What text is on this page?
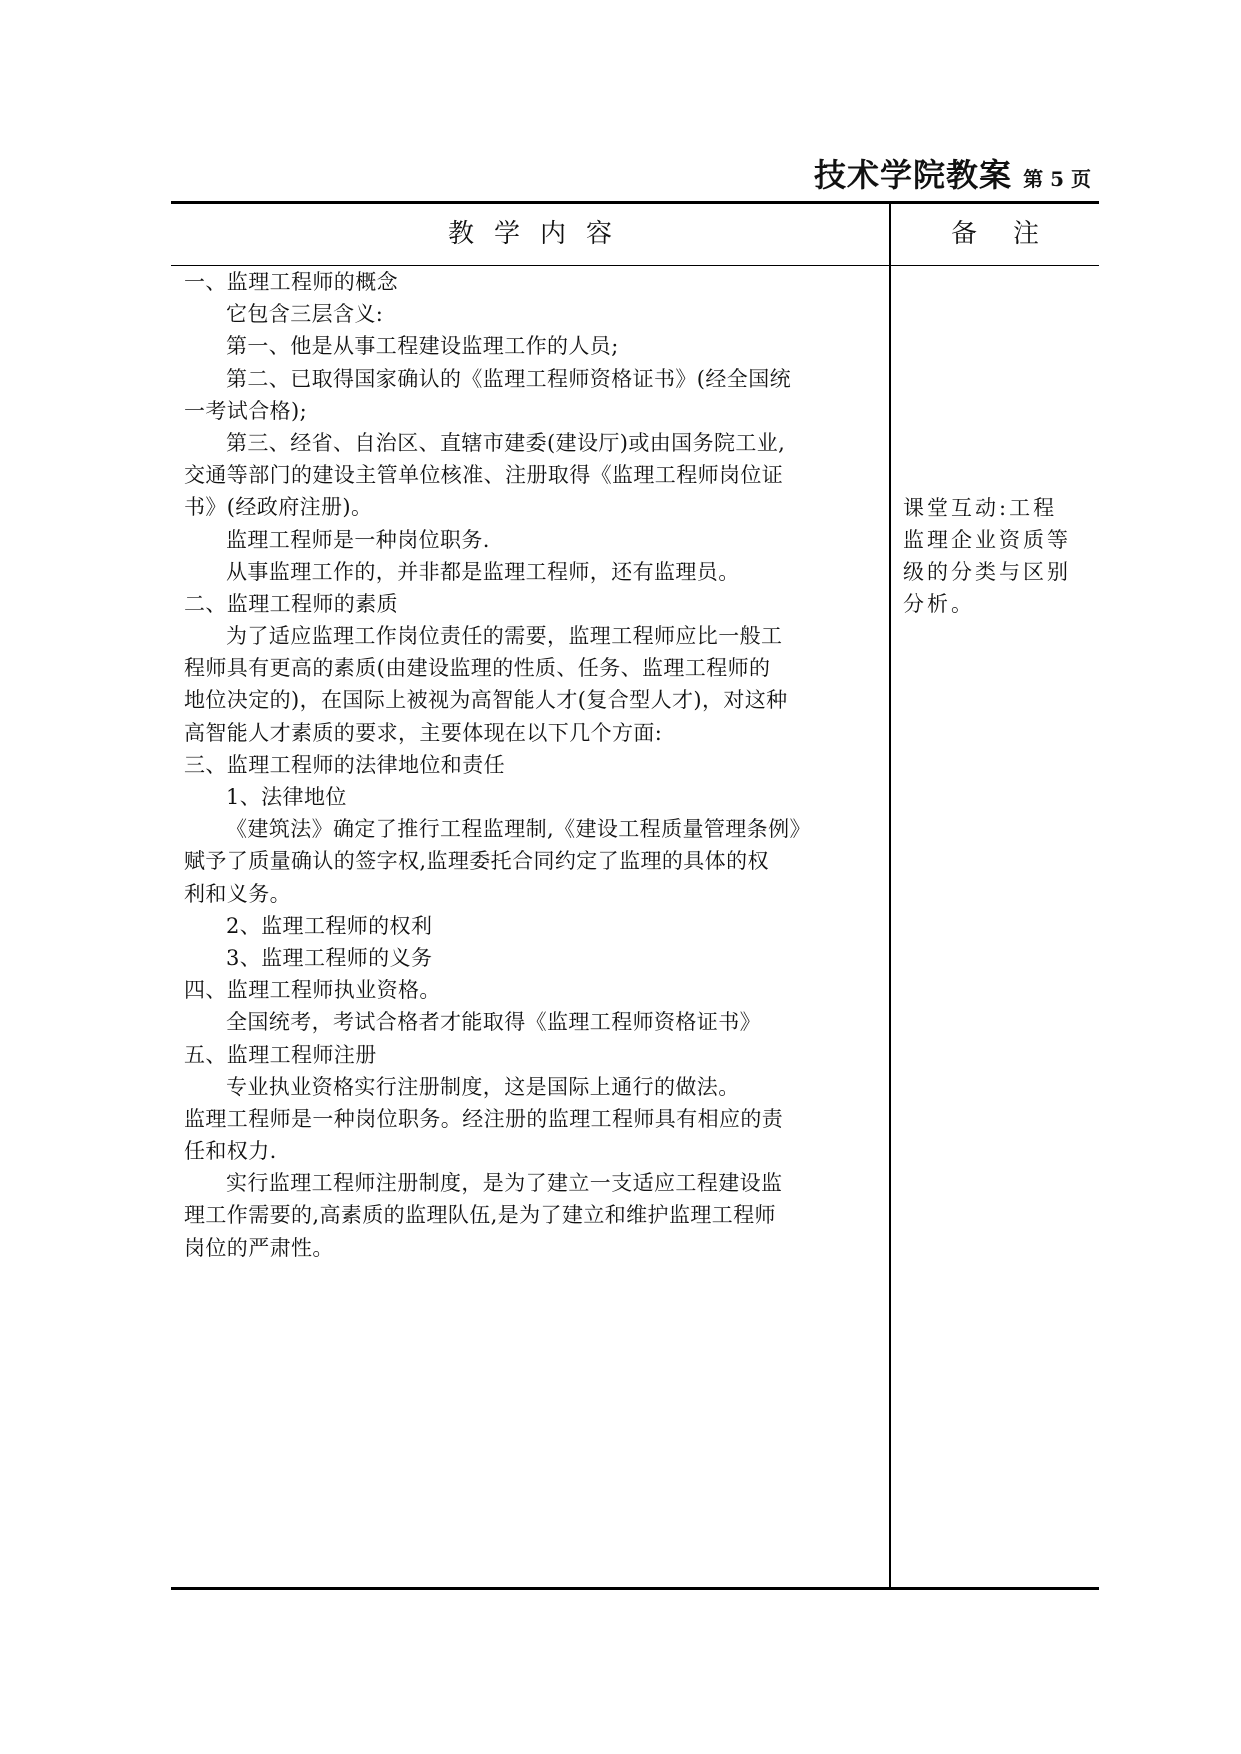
技术学院教案 第 5 页
教学内容	备注
一、监理工程师的概念
它包含三层含义:
第一、他是从事工程建设监理工作的人员;
第二、已取得国家确认的《监理工程师资格证书》(经全国统
一考试合格);
第三、经省、自治区、直辖市建委(建设厅)或由国务院工业,
交通等部门的建设主管单位核准、注册取得《监理工程师岗位证
书》(经政府注册)。
监理工程师是一种岗位职务.
从事监理工作的，并非都是监理工程师，还有监理员。
二、监理工程师的素质
为了适应监理工作岗位责任的需要，监理工程师应比一般工
程师具有更高的素质(由建设监理的性质、任务、监理工程师的
地位决定的)，在国际上被视为高智能人才(复合型人才)，对这种
高智能人才素质的要求，主要体现在以下几个方面:
三、监理工程师的法律地位和责任
1、法律地位
《建筑法》确定了推行工程监理制,《建设工程质量管理条例》
赋予了质量确认的签字权,监理委托合同约定了监理的具体的权
利和义务。
2、监理工程师的权利
3、监理工程师的义务
四、监理工程师执业资格。
全国统考，考试合格者才能取得《监理工程师资格证书》
五、监理工程师注册
专业执业资格实行注册制度，这是国际上通行的做法。
监理工程师是一种岗位职务。经注册的监理工程师具有相应的责
任和权力.
实行监理工程师注册制度，是为了建立一支适应工程建设监
理工作需要的,高素质的监理队伍,是为了建立和维护监理工程师
岗位的严肃性。
课堂互动:工程
监理企业资质等
级的分类与区别
分析。
